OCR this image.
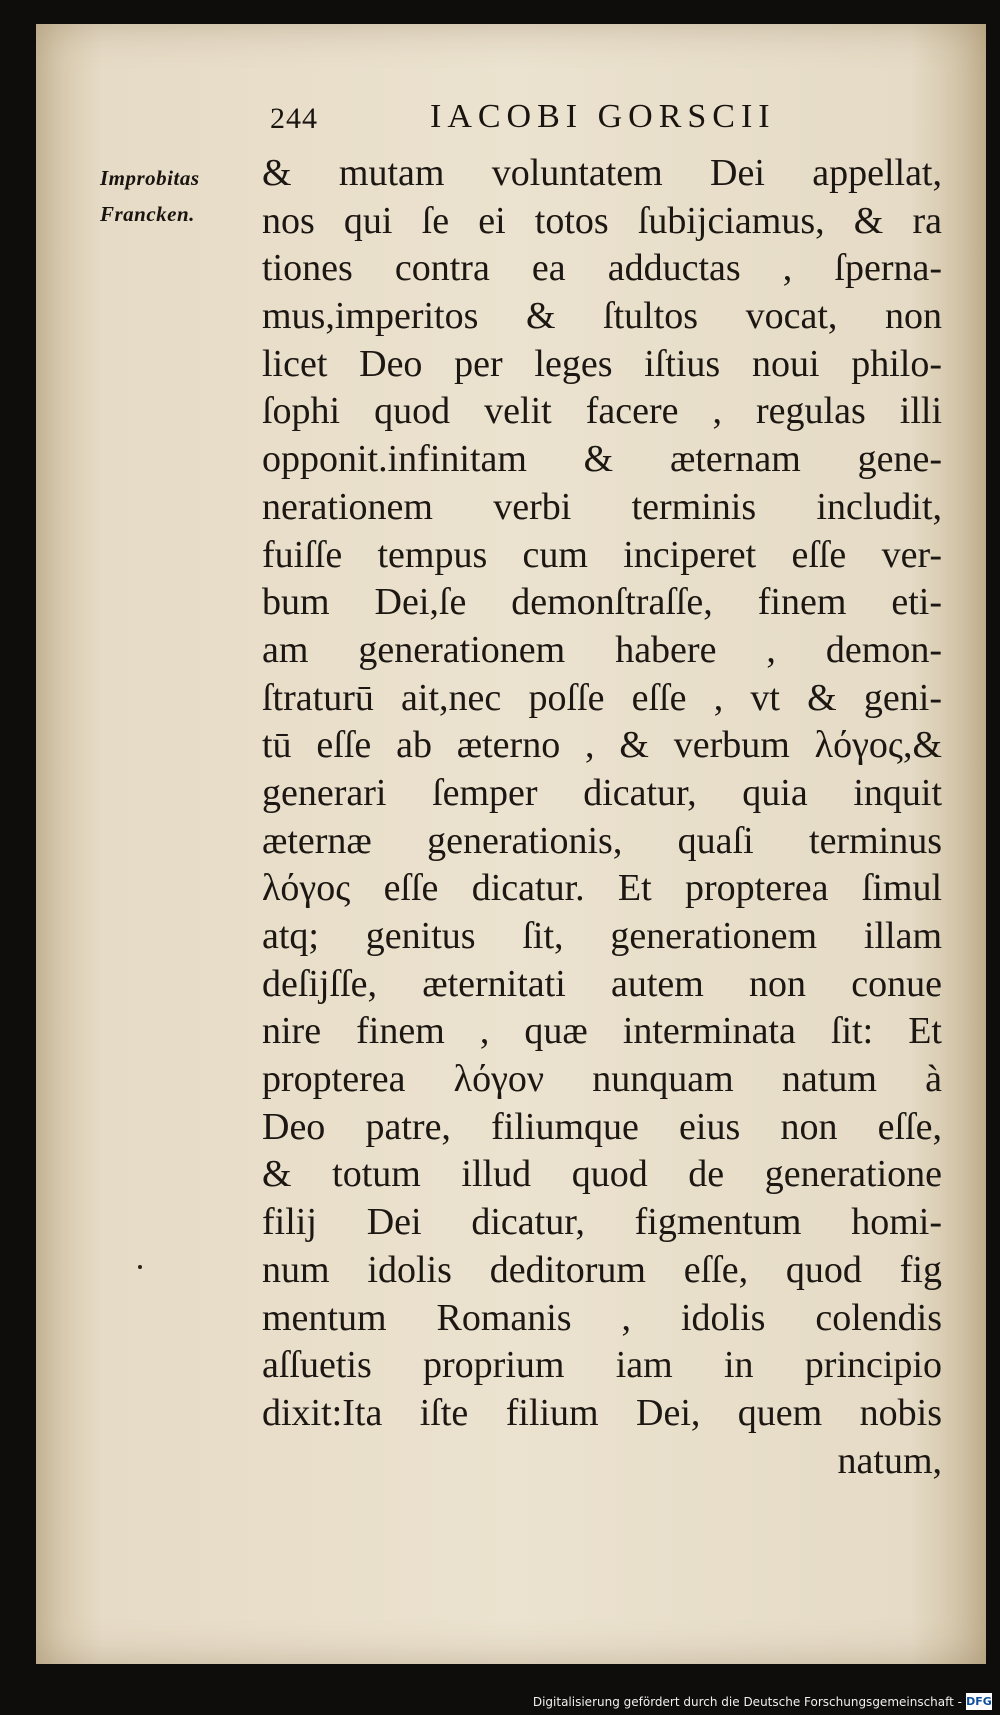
244	IACOBI GORSCII
Improbitas
Francken.
& mutam voluntatem Dei appellat,
nos qui ſe ei totos ſubijciamus, & ra
tiones contra ea adductas , ſperna-
mus,imperitos & ſtultos vocat, non
licet Deo per leges iſtius noui philo-
ſophi quod velit facere , regulas illi
opponit.infinitam & æternam gene-
nerationem verbi terminis includit,
fuiſſe tempus cum inciperet eſſe ver-
bum Dei,ſe demonſtraſſe, finem eti-
am generationem habere , demon-
ſtraturū ait,nec poſſe eſſe , vt & geni-
tū eſſe ab æterno , & verbum λόγος,&
generari ſemper dicatur, quia inquit
æternæ generationis, quaſi terminus
λόγος eſſe dicatur. Et propterea ſimul
atq; genitus ſit, generationem illam
deſijſſe, æternitati autem non conue
nire finem , quæ interminata ſit: Et
propterea λόγον nunquam natum à
Deo patre, filiumque eius non eſſe,
& totum illud quod de generatione
filij Dei dicatur, figmentum homi-
num idolis deditorum eſſe, quod fig
mentum Romanis , idolis colendis
aſſuetis proprium iam in principio
dixit:Ita iſte filium Dei, quem nobis
natum,
Digitalisierung gefördert durch die Deutsche Forschungsgemeinschaft - DFG
